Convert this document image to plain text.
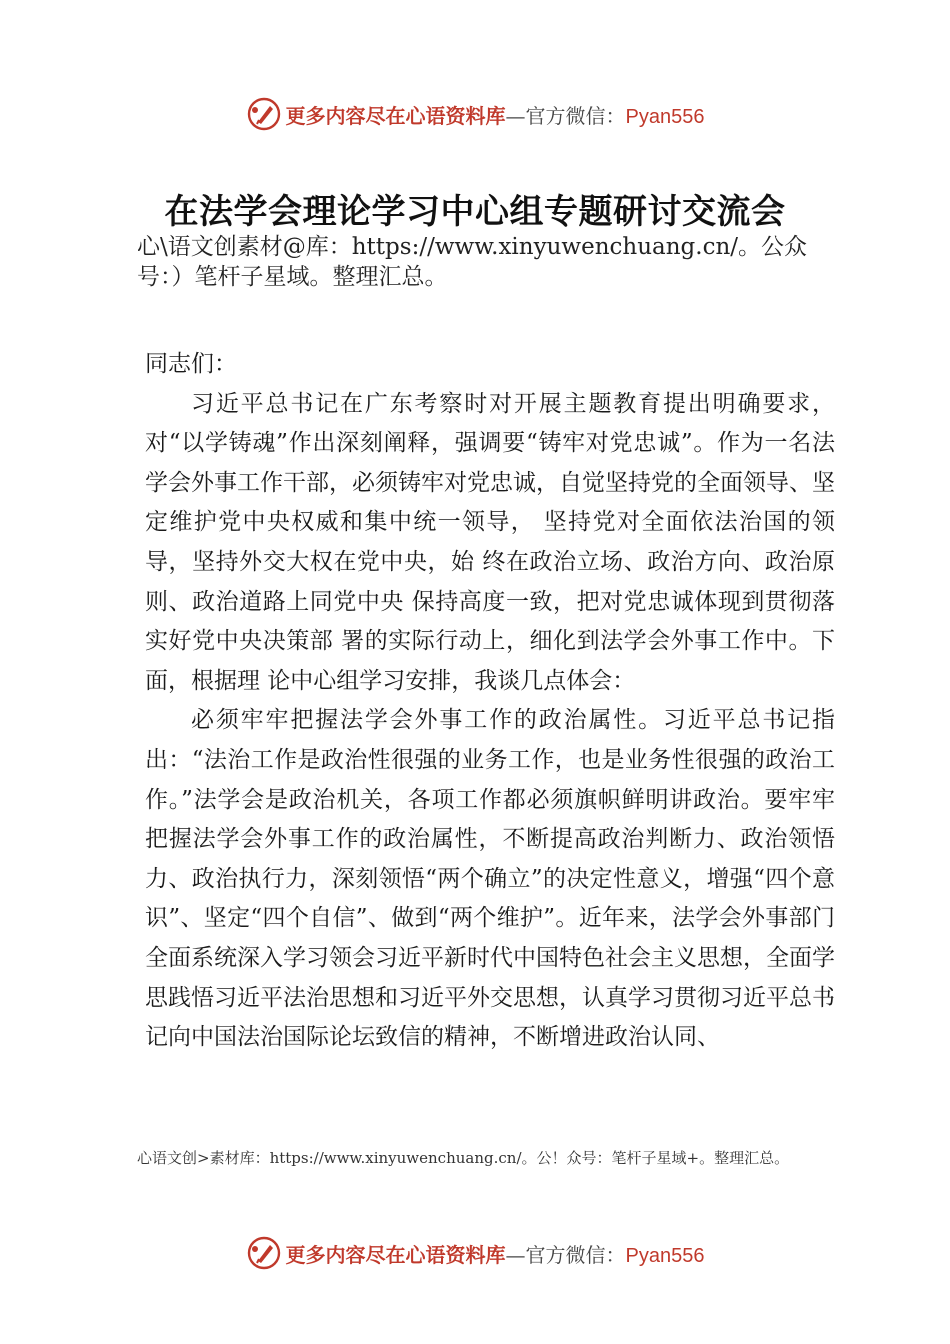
更多内容尽在心语资料库—官方微信：Pyan556
在法学会理论学习中心组专题研讨交流会
心\语文创素材@库：https://www.xinyuwenchuang.cn/。公众号：）笔杆子星域。整理汇总。

同志们：

习近平总书记在广东考察时对开展主题教育提出明确要求，对“以学铸魂”作出深刻阐释，强调要“铸牢对党忠诚”。作为一名法学会外事工作干部，必须铸牢对党忠诚，自觉坚持党的全面领导、坚定维护党中央权威和集中统一领导， 坚持党对全面依法治国的领导，坚持外交大权在党中央，始 终在政治立场、政治方向、政治原则、政治道路上同党中央 保持高度一致，把对党忠诚体现到贯彻落实好党中央决策部 署的实际行动上，细化到法学会外事工作中。下面，根据理 论中心组学习安排，我谈几点体会：

必须牢牢把握法学会外事工作的政治属性。习近平总书记指出：“法治工作是政治性很强的业务工作，也是业务性很强的政治工作。”法学会是政治机关，各项工作都必须旗帜鲜明讲政治。要牢牢把握法学会外事工作的政治属性，不断提高政治判断力、政治领悟力、政治执行力，深刻领悟“两个确立”的决定性意义，增强“四个意识”、坚定“四个自信”、做到“两个维护”。近年来，法学会外事部门全面系统深入学习领会习近平新时代中国特色社会主义思想，全面学思践悟习近平法治思想和习近平外交思想，认真学习贯彻习近平总书记向中国法治国际论坛致信的精神，不断增进政治认同、

心语文创>素材库：https://www.xinyuwenchuang.cn/。公！众号：笔杆子星域+。整理汇总。
更多内容尽在心语资料库—官方微信：Pyan556
